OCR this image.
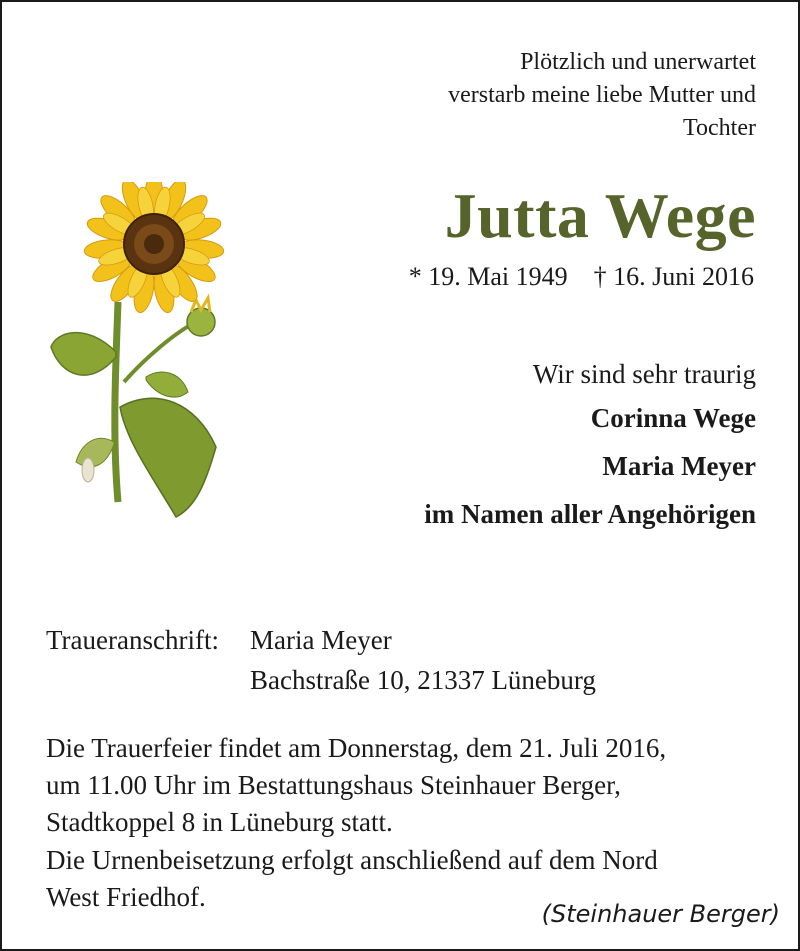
Plötzlich und unerwartet
verstarb meine liebe Mutter und
Tochter
Jutta Wege
* 19. Mai 1949 † 16. Juni 2016
Wir sind sehr traurig
Corinna Wege
Maria Meyer
im Namen aller Angehörigen
Traueranschrift:	Maria Meyer
Bachstraße 10, 21337 Lüneburg
Die Trauerfeier findet am Donnerstag, dem 21. Juli 2016,
um 11.00 Uhr im Bestattungshaus Steinhauer Berger,
Stadtkoppel 8 in Lüneburg statt.
Die Urnenbeisetzung erfolgt anschließend auf dem Nord
West Friedhof.
(Steinhauer Berger)
